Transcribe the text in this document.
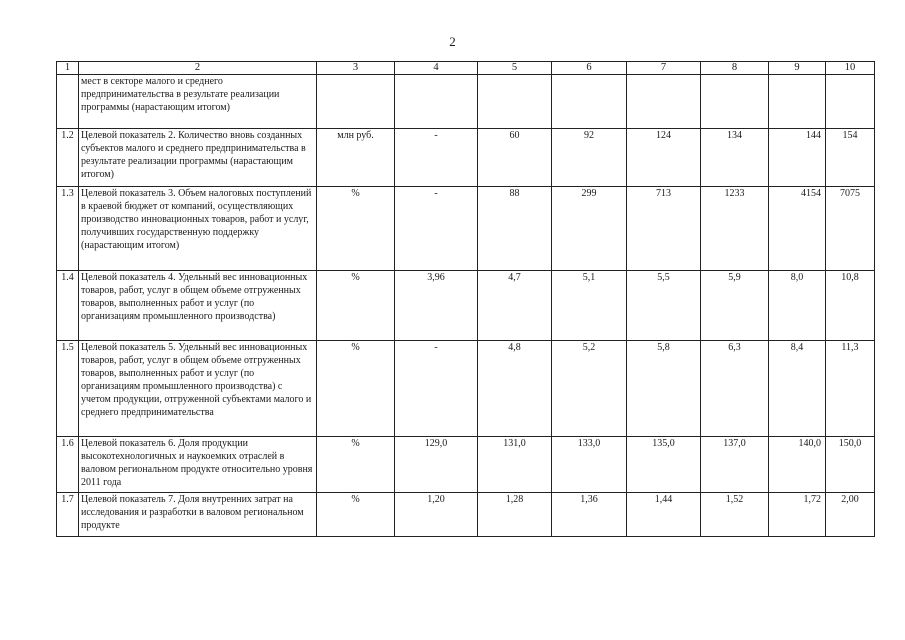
2
1	2	3	4	5	6	7	8	9	10
	мест в секторе малого и среднего предпринимательства в результате реализации программы (нарастающим итогом)								
1.2	Целевой показатель 2. Количество вновь созданных субъектов малого и среднего предпринимательства в результате реализации программы (нарастающим итогом)	млн руб.	-	60	92	124	134	144	154
1.3	Целевой показатель 3. Объем налоговых поступлений в краевой бюджет от компаний, осуществляющих производство инновационных товаров, работ и услуг, получивших государственную поддержку (нарастающим итогом)	%	-	88	299	713	1233	4154	7075
1.4	Целевой показатель 4. Удельный вес инновационных товаров, работ, услуг в общем объеме отгруженных товаров, выполненных работ и услуг (по организациям промышленного производства)	%	3,96	4,7	5,1	5,5	5,9	8,0	10,8
1.5	Целевой показатель 5. Удельный вес инновационных товаров, работ, услуг в общем объеме отгруженных товаров, выполненных работ и услуг (по организациям промышленного производства) с учетом продукции, отгруженной субъектами малого и среднего предпринимательства	%	-	4,8	5,2	5,8	6,3	8,4	11,3
1.6	Целевой показатель 6. Доля продукции высокотехнологичных и наукоемких отраслей в валовом региональном продукте относительно уровня 2011 года	%	129,0	131,0	133,0	135,0	137,0	140,0	150,0
1.7	Целевой показатель 7. Доля внутренних затрат на исследования и разработки в валовом региональном продукте	%	1,20	1,28	1,36	1,44	1,52	1,72	2,00
